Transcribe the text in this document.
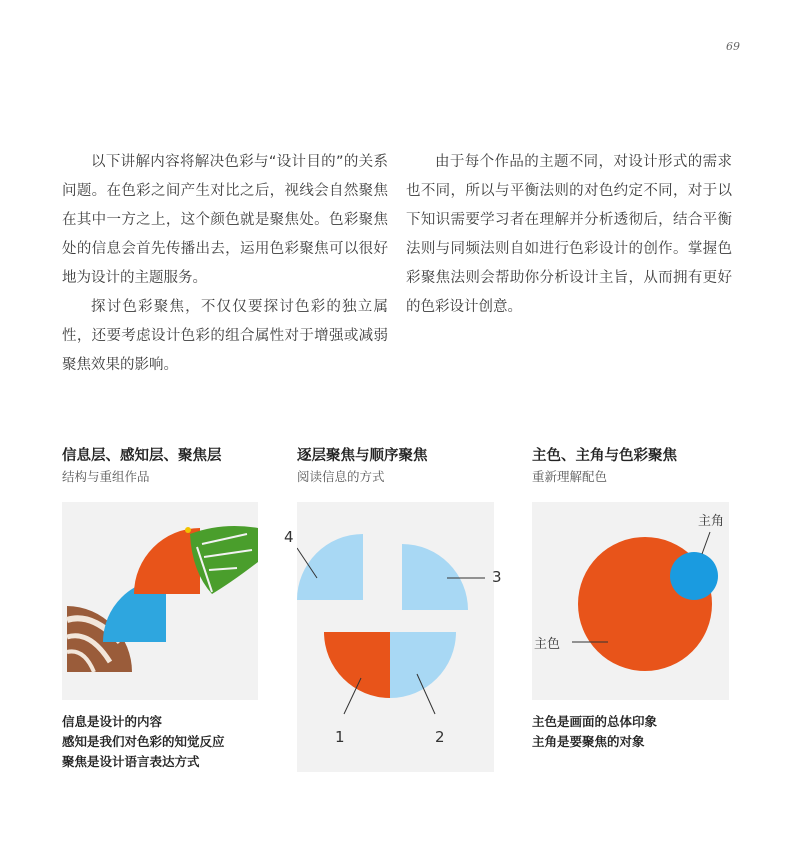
69

以下讲解内容将解决色彩与“设计目的”的关系问题。在色彩之间产生对比之后，视线会自然聚焦在其中一方之上，这个颜色就是聚焦处。色彩聚焦处的信息会首先传播出去，运用色彩聚焦可以很好地为设计的主题服务。

探讨色彩聚焦，不仅仅要探讨色彩的独立属性，还要考虑设计色彩的组合属性对于增强或减弱聚焦效果的影响。

由于每个作品的主题不同，对设计形式的需求也不同，所以与平衡法则的对色约定不同，对于以下知识需要学习者在理解并分析透彻后，结合平衡法则与同频法则自如进行色彩设计的创作。掌握色彩聚焦法则会帮助你分析设计主旨，从而拥有更好的色彩设计创意。

信息层、感知层、聚焦层
结构与重组作品
信息是设计的内容
感知是我们对色彩的知觉反应
聚焦是设计语言表达方式
逐层聚焦与顺序聚焦
阅读信息的方式
4
3
1	2
主色、主角与色彩聚焦
重新理解配色
主角
主色
主色是画面的总体印象
主角是要聚焦的对象
